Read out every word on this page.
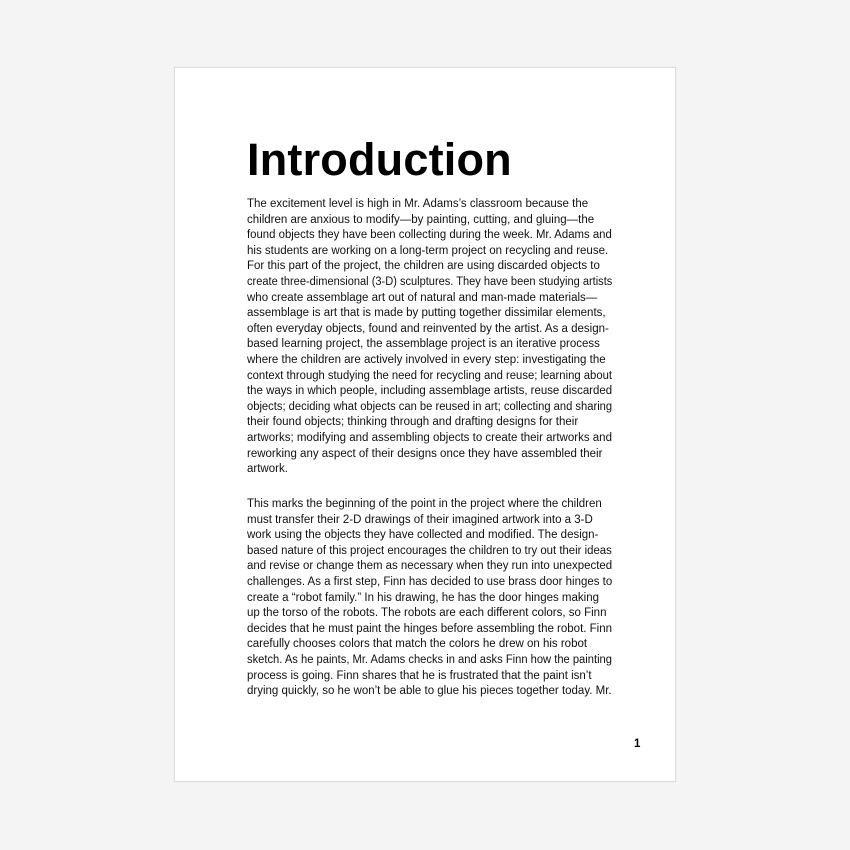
Introduction
The excitement level is high in Mr. Adams’s classroom because the
children are anxious to modify—by painting, cutting, and gluing—the
found objects they have been collecting during the week. Mr. Adams and
his students are working on a long-term project on recycling and reuse.
For this part of the project, the children are using discarded objects to
create three-dimensional (3-D) sculptures. They have been studying artists
who create assemblage art out of natural and man-made materials—
assemblage is art that is made by putting together dissimilar elements,
often everyday objects, found and reinvented by the artist. As a design-
based learning project, the assemblage project is an iterative process
where the children are actively involved in every step: investigating the
context through studying the need for recycling and reuse; learning about
the ways in which people, including assemblage artists, reuse discarded
objects; deciding what objects can be reused in art; collecting and sharing
their found objects; thinking through and drafting designs for their
artworks; modifying and assembling objects to create their artworks and
reworking any aspect of their designs once they have assembled their
artwork.
This marks the beginning of the point in the project where the children
must transfer their 2-D drawings of their imagined artwork into a 3-D
work using the objects they have collected and modified. The design-
based nature of this project encourages the children to try out their ideas
and revise or change them as necessary when they run into unexpected
challenges. As a first step, Finn has decided to use brass door hinges to
create a “robot family.” In his drawing, he has the door hinges making
up the torso of the robots. The robots are each different colors, so Finn
decides that he must paint the hinges before assembling the robot. Finn
carefully chooses colors that match the colors he drew on his robot
sketch. As he paints, Mr. Adams checks in and asks Finn how the painting
process is going. Finn shares that he is frustrated that the paint isn’t
drying quickly, so he won’t be able to glue his pieces together today. Mr.
1
